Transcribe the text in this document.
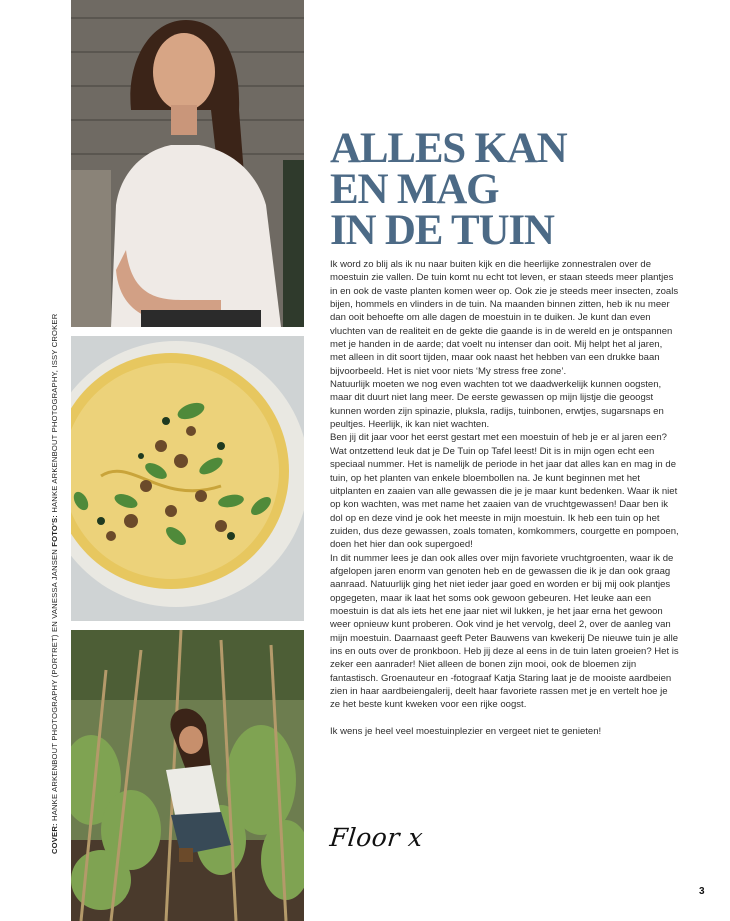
COVER: HANKE ARKENBOUT PHOTOGRAPHY (PORTRET) EN VANESSA JANSEN FOTO'S: HANKE ARKENBOUT PHOTOGRAPHY, ISSY CROKER
ALLES KAN
EN MAG
IN DE TUIN

Ik word zo blij als ik nu naar buiten kijk en die heerlijke zonnestralen over de moestuin zie vallen. De tuin komt nu echt tot leven, er staan steeds meer plantjes in en ook de vaste planten komen weer op. Ook zie je steeds meer insecten, zoals bijen, hommels en vlinders in de tuin. Na maanden binnen zitten, heb ik nu meer dan ooit behoefte om alle dagen de moestuin in te duiken. Je kunt dan even vluchten van de realiteit en de gekte die gaande is in de wereld en je ontspannen met je handen in de aarde; dat voelt nu intenser dan ooit. Mij helpt het al jaren, met alleen in dit soort tijden, maar ook naast het hebben van een drukke baan bijvoorbeeld. Het is niet voor niets ‘My stress free zone’.

Natuurlijk moeten we nog even wachten tot we daadwerkelijk kunnen oogsten, maar dit duurt niet lang meer. De eerste gewassen op mijn lijstje die geoogst kunnen worden zijn spinazie, pluksla, radijs, tuinbonen, erwtjes, sugarsnaps en peultjes. Heerlijk, ik kan niet wachten.

Ben jij dit jaar voor het eerst gestart met een moestuin of heb je er al jaren een? Wat ontzettend leuk dat je De Tuin op Tafel leest! Dit is in mijn ogen echt een speciaal nummer. Het is namelijk de periode in het jaar dat alles kan en mag in de tuin, op het planten van enkele bloembollen na. Je kunt beginnen met het uitplanten en zaaien van alle gewassen die je je maar kunt bedenken. Waar ik niet op kon wachten, was met name het zaaien van de vruchtgewassen! Daar ben ik dol op en deze vind je ook het meeste in mijn moestuin. Ik heb een tuin op het zuiden, dus deze gewassen, zoals tomaten, komkommers, courgette en pompoen, doen het hier dan ook supergoed!

In dit nummer lees je dan ook alles over mijn favoriete vruchtgroenten, waar ik de afgelopen jaren enorm van genoten heb en de gewassen die ik je dan ook graag aanraad. Natuurlijk ging het niet ieder jaar goed en worden er bij mij ook plantjes opgegeten, maar ik laat het soms ook gewoon gebeuren. Het leuke aan een moestuin is dat als iets het ene jaar niet wil lukken, je het jaar erna het gewoon weer opnieuw kunt proberen. Ook vind je het vervolg, deel 2, over de aanleg van mijn moestuin. Daarnaast geeft Peter Bauwens van kwekerij De nieuwe tuin je alle ins en outs over de pronkboon. Heb jij deze al eens in de tuin laten groeien? Het is zeker een aanrader! Niet alleen de bonen zijn mooi, ook de bloemen zijn fantastisch. Groenauteur en -fotograaf Katja Staring laat je de mooiste aardbeien zien in haar aardbeiengalerij, deelt haar favoriete rassen met je en vertelt hoe je ze het beste kunt kweken voor een rijke oogst.

Ik wens je heel veel moestuinplezier en vergeet niet te genieten!

Floor x

3
